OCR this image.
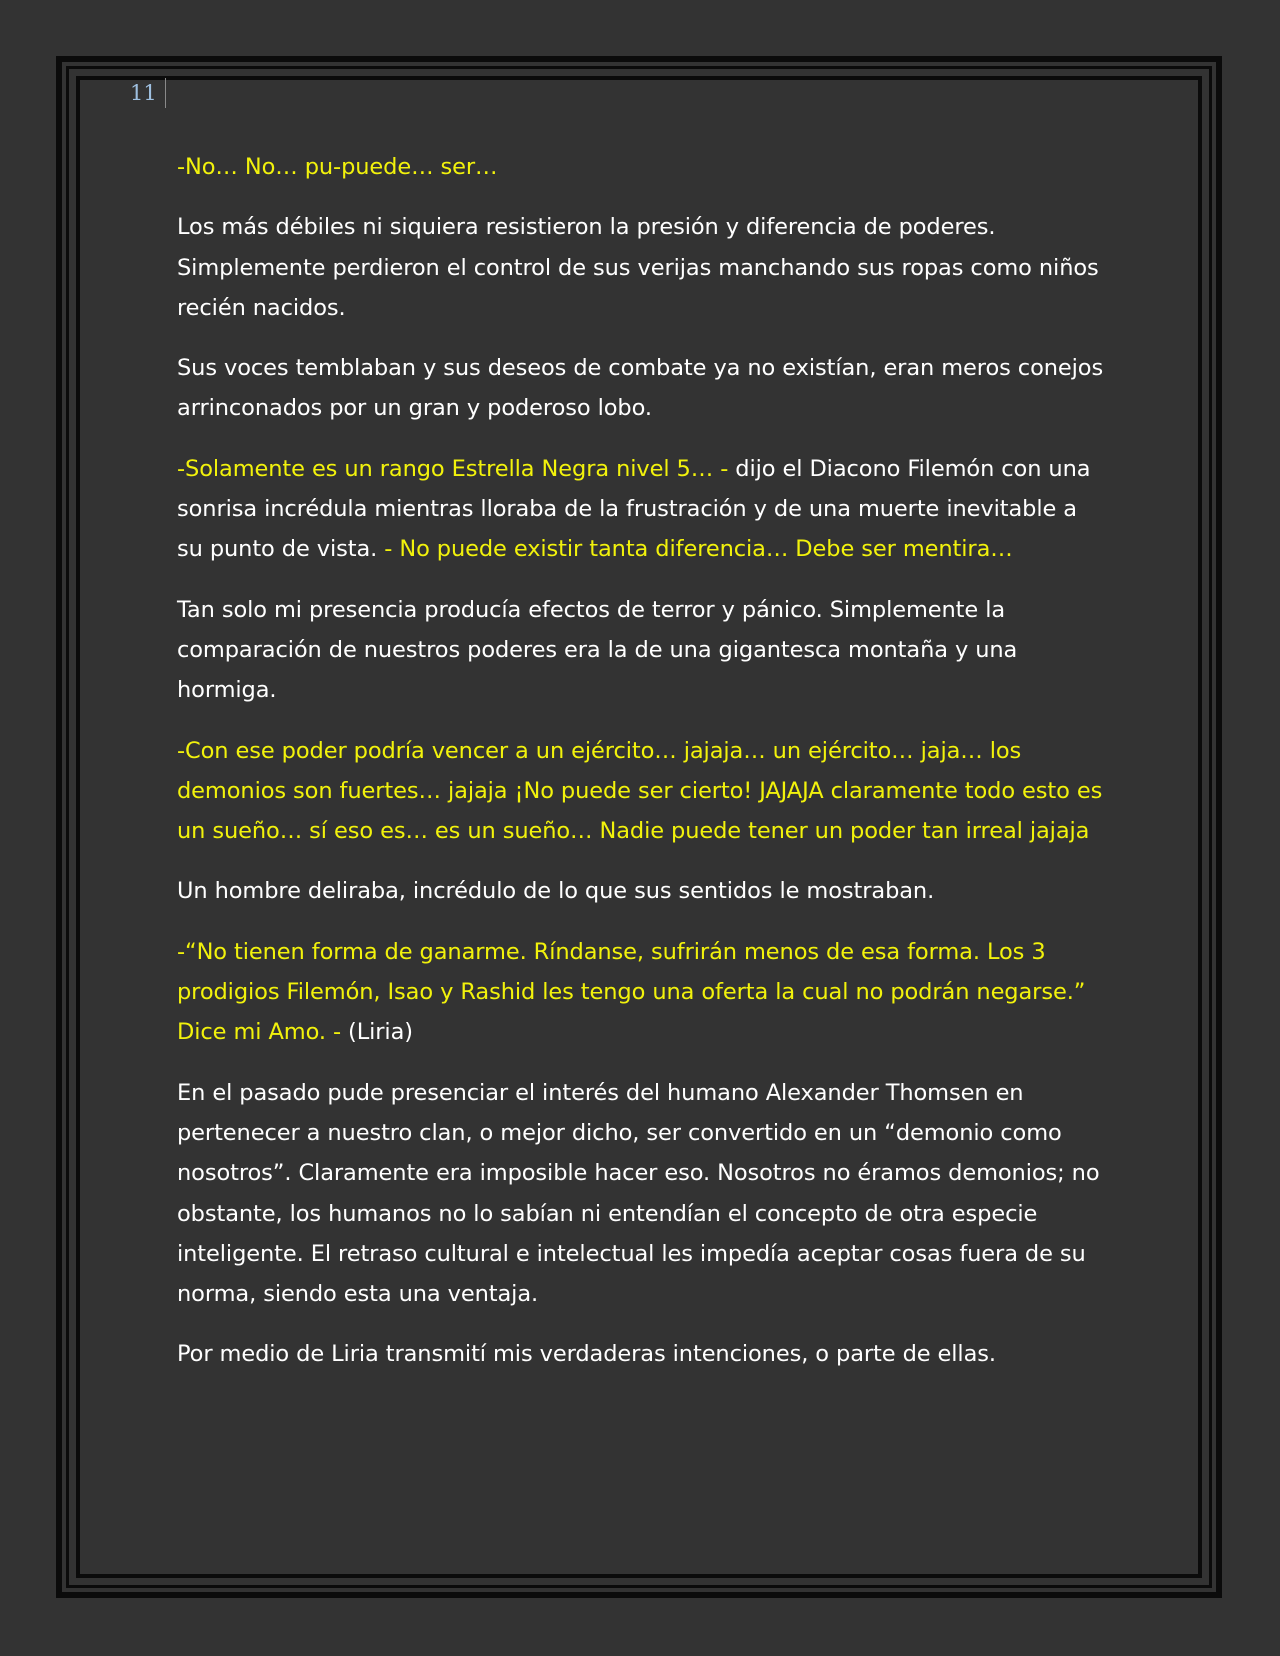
11

-No… No… pu-puede… ser…

Los más débiles ni siquiera resistieron la presión y diferencia de poderes. Simplemente perdieron el control de sus verijas manchando sus ropas como niños recién nacidos.

Sus voces temblaban y sus deseos de combate ya no existían, eran meros conejos arrinconados por un gran y poderoso lobo.

-Solamente es un rango Estrella Negra nivel 5… - dijo el Diacono Filemón con una sonrisa incrédula mientras lloraba de la frustración y de una muerte inevitable a su punto de vista. - No puede existir tanta diferencia… Debe ser mentira…

Tan solo mi presencia producía efectos de terror y pánico. Simplemente la comparación de nuestros poderes era la de una gigantesca montaña y una hormiga.

-Con ese poder podría vencer a un ejército… jajaja… un ejército… jaja… los demonios son fuertes… jajaja ¡No puede ser cierto! JAJAJA claramente todo esto es un sueño… sí eso es… es un sueño… Nadie puede tener un poder tan irreal jajaja

Un hombre deliraba, incrédulo de lo que sus sentidos le mostraban.

-“No tienen forma de ganarme. Ríndanse, sufrirán menos de esa forma. Los 3 prodigios Filemón, Isao y Rashid les tengo una oferta la cual no podrán negarse.” Dice mi Amo. - (Liria)

En el pasado pude presenciar el interés del humano Alexander Thomsen en pertenecer a nuestro clan, o mejor dicho, ser convertido en un “demonio como nosotros”. Claramente era imposible hacer eso. Nosotros no éramos demonios; no obstante, los humanos no lo sabían ni entendían el concepto de otra especie inteligente. El retraso cultural e intelectual les impedía aceptar cosas fuera de su norma, siendo esta una ventaja.

Por medio de Liria transmití mis verdaderas intenciones, o parte de ellas.
